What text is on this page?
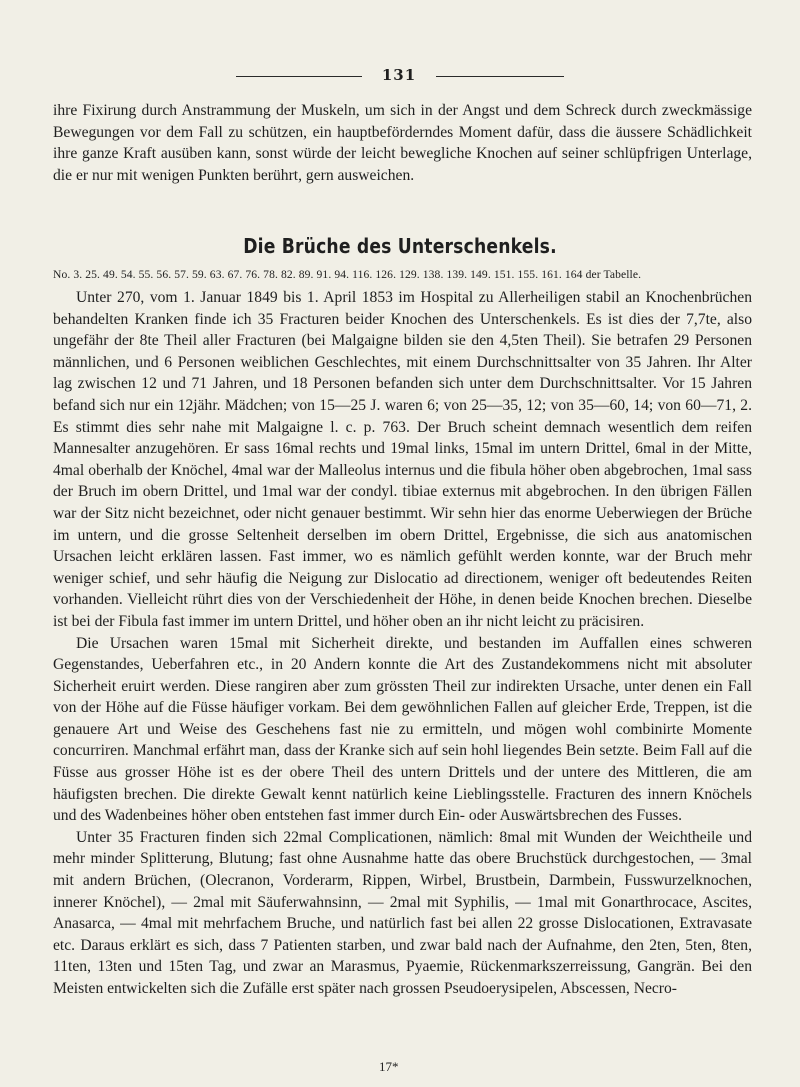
131

ihre Fixirung durch Anstrammung der Muskeln, um sich in der Angst und dem Schreck durch zweckmässige Bewegungen vor dem Fall zu schützen, ein hauptbeförderndes Moment dafür, dass die äussere Schädlichkeit ihre ganze Kraft ausüben kann, sonst würde der leicht bewegliche Knochen auf seiner schlüpfrigen Unterlage, die er nur mit wenigen Punkten berührt, gern ausweichen.

Die Brüche des Unterschenkels.
No. 3. 25. 49. 54. 55. 56. 57. 59. 63. 67. 76. 78. 82. 89. 91. 94. 116. 126. 129. 138. 139. 149. 151. 155. 161. 164 der Tabelle.

Unter 270, vom 1. Januar 1849 bis 1. April 1853 im Hospital zu Allerheiligen stabil an Knochenbrüchen behandelten Kranken finde ich 35 Fracturen beider Knochen des Unterschenkels. Es ist dies der 7,7te, also ungefähr der 8te Theil aller Fracturen (bei Malgaigne bilden sie den 4,5ten Theil). Sie betrafen 29 Personen männlichen, und 6 Personen weiblichen Geschlechtes, mit einem Durchschnittsalter von 35 Jahren. Ihr Alter lag zwischen 12 und 71 Jahren, und 18 Personen befanden sich unter dem Durchschnittsalter. Vor 15 Jahren befand sich nur ein 12jähr. Mädchen; von 15—25 J. waren 6; von 25—35, 12; von 35—60, 14; von 60—71, 2. Es stimmt dies sehr nahe mit Malgaigne l. c. p. 763. Der Bruch scheint demnach wesentlich dem reifen Mannesalter anzugehören. Er sass 16mal rechts und 19mal links, 15mal im untern Drittel, 6mal in der Mitte, 4mal oberhalb der Knöchel, 4mal war der Malleolus internus und die fibula höher oben abgebrochen, 1mal sass der Bruch im obern Drittel, und 1mal war der condyl. tibiae externus mit abgebrochen. In den übrigen Fällen war der Sitz nicht bezeichnet, oder nicht genauer bestimmt. Wir sehn hier das enorme Ueberwiegen der Brüche im untern, und die grosse Seltenheit derselben im obern Drittel, Ergebnisse, die sich aus anatomischen Ursachen leicht erklären lassen. Fast immer, wo es nämlich gefühlt werden konnte, war der Bruch mehr weniger schief, und sehr häufig die Neigung zur Dislocatio ad directionem, weniger oft bedeutendes Reiten vorhanden. Vielleicht rührt dies von der Verschiedenheit der Höhe, in denen beide Knochen brechen. Dieselbe ist bei der Fibula fast immer im untern Drittel, und höher oben an ihr nicht leicht zu präcisiren.

Die Ursachen waren 15mal mit Sicherheit direkte, und bestanden im Auffallen eines schweren Gegenstandes, Ueberfahren etc., in 20 Andern konnte die Art des Zustandekommens nicht mit absoluter Sicherheit eruirt werden. Diese rangiren aber zum grössten Theil zur indirekten Ursache, unter denen ein Fall von der Höhe auf die Füsse häufiger vorkam. Bei dem gewöhnlichen Fallen auf gleicher Erde, Treppen, ist die genauere Art und Weise des Geschehens fast nie zu ermitteln, und mögen wohl combinirte Momente concurriren. Manchmal erfährt man, dass der Kranke sich auf sein hohl liegendes Bein setzte. Beim Fall auf die Füsse aus grosser Höhe ist es der obere Theil des untern Drittels und der untere des Mittleren, die am häufigsten brechen. Die direkte Gewalt kennt natürlich keine Lieblingsstelle. Fracturen des innern Knöchels und des Wadenbeines höher oben entstehen fast immer durch Ein- oder Auswärtsbrechen des Fusses.

Unter 35 Fracturen finden sich 22mal Complicationen, nämlich: 8mal mit Wunden der Weichtheile und mehr minder Splitterung, Blutung; fast ohne Ausnahme hatte das obere Bruchstück durchgestochen, — 3mal mit andern Brüchen, (Olecranon, Vorderarm, Rippen, Wirbel, Brustbein, Darmbein, Fusswurzelknochen, innerer Knöchel), — 2mal mit Säuferwahnsinn, — 2mal mit Syphilis, — 1mal mit Gonarthrocace, Ascites, Anasarca, — 4mal mit mehrfachem Bruche, und natürlich fast bei allen 22 grosse Dislocationen, Extravasate etc. Daraus erklärt es sich, dass 7 Patienten starben, und zwar bald nach der Aufnahme, den 2ten, 5ten, 8ten, 11ten, 13ten und 15ten Tag, und zwar an Marasmus, Pyaemie, Rückenmarkszerreissung, Gangrän. Bei den Meisten entwickelten sich die Zufälle erst später nach grossen Pseudoerysipelen, Abscessen, Necro-

17*
